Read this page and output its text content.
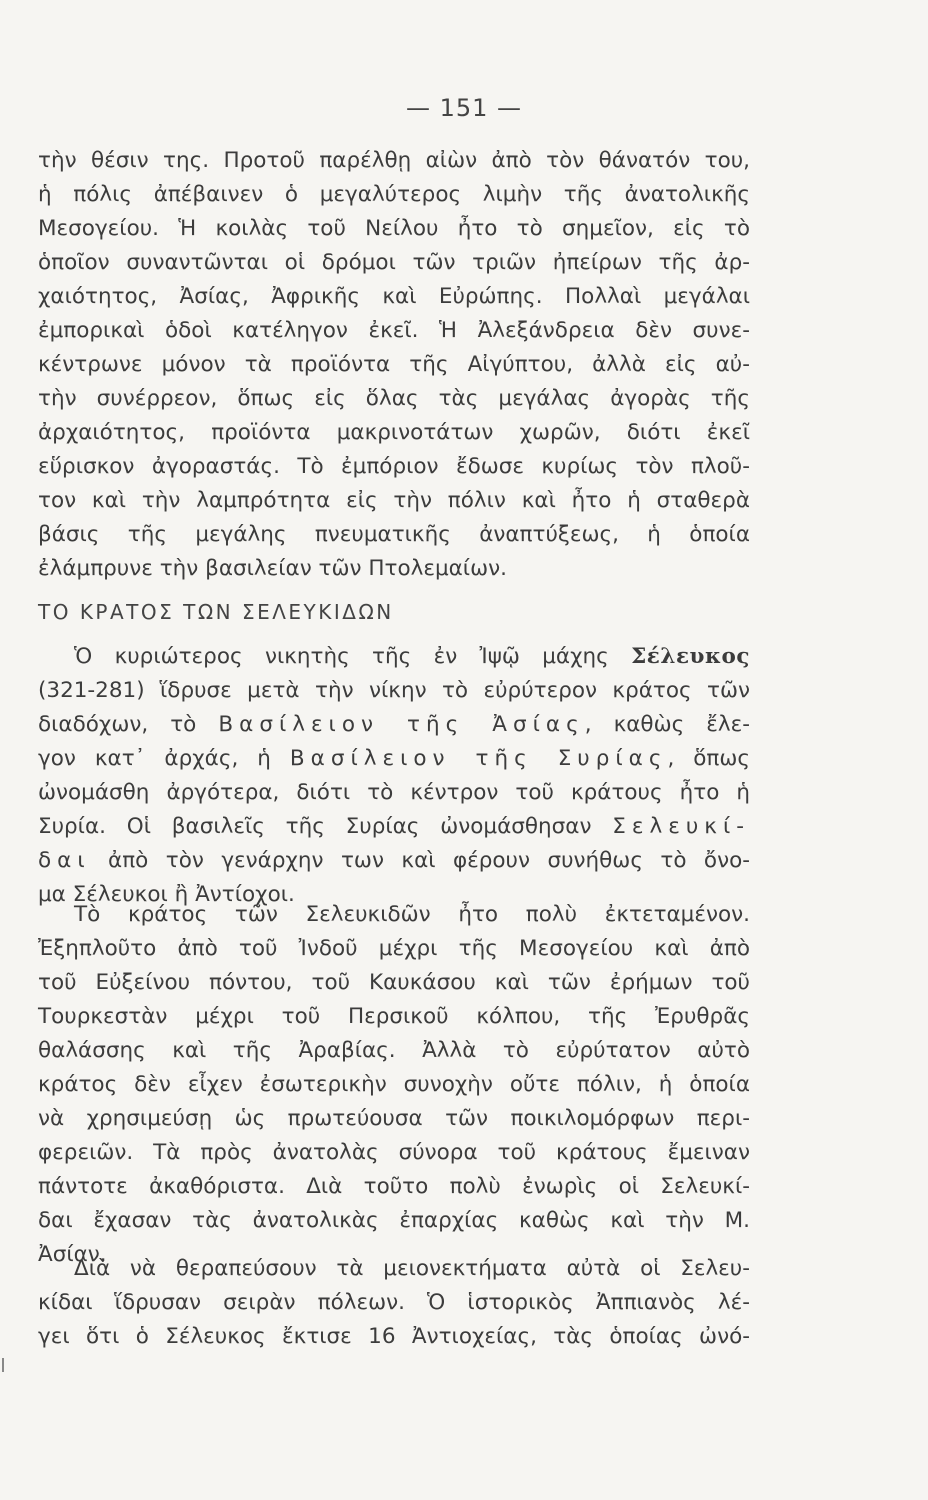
— 151 —
τὴν θέσιν της. Προτοῦ παρέλθῃ αἰὼν ἀπὸ τὸν θάνατόν του,
ἡ πόλις ἀπέβαινεν ὁ μεγαλύτερος λιμὴν τῆς ἀνατολικῆς
Μεσογείου. Ἡ κοιλὰς τοῦ Νείλου ἦτο τὸ σημεῖον, εἰς τὸ
ὁποῖον συναντῶνται οἱ δρόμοι τῶν τριῶν ἠπείρων τῆς ἀρ-
χαιότητος, Ἀσίας, Ἀφρικῆς καὶ Εὐρώπης. Πολλαὶ μεγάλαι
ἐμπορικαὶ ὁδοὶ κατέληγον ἐκεῖ. Ἡ Ἀλεξάνδρεια δὲν συνε-
κέντρωνε μόνον τὰ προϊόντα τῆς Αἰγύπτου, ἀλλὰ εἰς αὐ-
τὴν συνέρρεον, ὅπως εἰς ὅλας τὰς μεγάλας ἀγορὰς τῆς
ἀρχαιότητος, προϊόντα μακρινοτάτων χωρῶν, διότι ἐκεῖ
εὕρισκον ἀγοραστάς. Τὸ ἐμπόριον ἔδωσε κυρίως τὸν πλοῦ-
τον καὶ τὴν λαμπρότητα εἰς τὴν πόλιν καὶ ἦτο ἡ σταθερὰ
βάσις τῆς μεγάλης πνευματικῆς ἀναπτύξεως, ἡ ὁποία
ἐλάμπρυνε τὴν βασιλείαν τῶν Πτολεμαίων.
ΤΟ ΚΡΑΤΟΣ ΤΩΝ ΣΕΛΕΥΚΙΔΩΝ
Ὁ κυριώτερος νικητὴς τῆς ἐν Ἰψῷ μάχης Σέλευκος
(321-281) ἵδρυσε μετὰ τὴν νίκην τὸ εὐρύτερον κράτος τῶν
διαδόχων, τὸ Βασίλειον τῆς Ἀσίας, καθὼς ἔλε-
γον κατ᾿ ἀρχάς, ἡ Βασίλειον τῆς Συρίας, ὅπως
ὠνομάσθη ἀργότερα, διότι τὸ κέντρον τοῦ κράτους ἦτο ἡ
Συρία. Οἱ βασιλεῖς τῆς Συρίας ὠνομάσθησαν Σελευκί-
δαι ἀπὸ τὸν γενάρχην των καὶ φέρουν συνήθως τὸ ὄνο-
μα Σέλευκοι ἢ Ἀντίοχοι.
Τὸ κράτος τῶν Σελευκιδῶν ἦτο πολὺ ἐκτεταμένον.
Ἐξηπλοῦτο ἀπὸ τοῦ Ἰνδοῦ μέχρι τῆς Μεσογείου καὶ ἀπὸ
τοῦ Εὐξείνου πόντου, τοῦ Καυκάσου καὶ τῶν ἐρήμων τοῦ
Τουρκεστὰν μέχρι τοῦ Περσικοῦ κόλπου, τῆς Ἐρυθρᾶς
θαλάσσης καὶ τῆς Ἀραβίας. Ἀλλὰ τὸ εὐρύτατον αὐτὸ
κράτος δὲν εἶχεν ἐσωτερικὴν συνοχὴν οὔτε πόλιν, ἡ ὁποία
νὰ χρησιμεύσῃ ὡς πρωτεύουσα τῶν ποικιλομόρφων περι-
φερειῶν. Τὰ πρὸς ἀνατολὰς σύνορα τοῦ κράτους ἔμειναν
πάντοτε ἀκαθόριστα. Διὰ τοῦτο πολὺ ἐνωρὶς οἱ Σελευκί-
δαι ἔχασαν τὰς ἀνατολικὰς ἐπαρχίας καθὼς καὶ τὴν Μ.
Ἀσίαν.
Διὰ νὰ θεραπεύσουν τὰ μειονεκτήματα αὐτὰ οἱ Σελευ-
κίδαι ἵδρυσαν σειρὰν πόλεων. Ὁ ἱστορικὸς Ἀππιανὸς λέ-
γει ὅτι ὁ Σέλευκος ἔκτισε 16 Ἀντιοχείας, τὰς ὁποίας ὠνό-
